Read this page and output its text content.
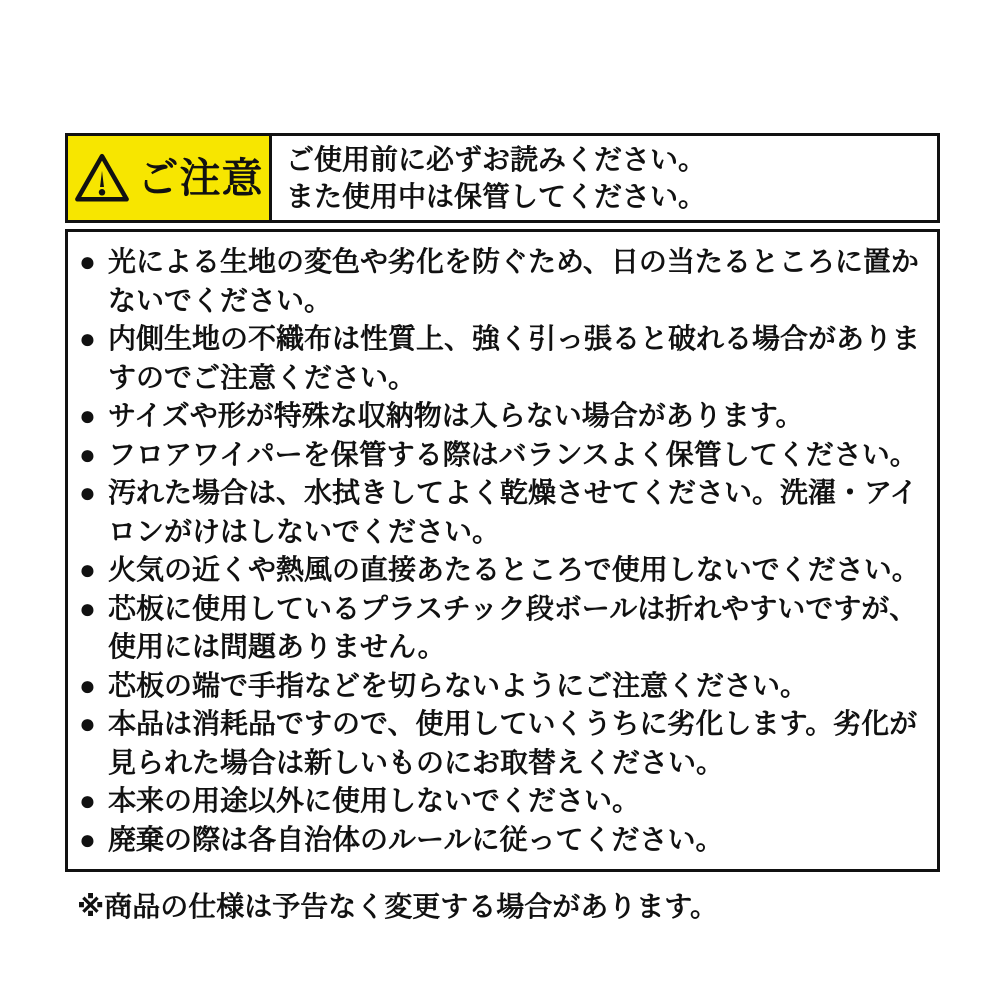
ご注意 ご使用前に必ずお読みください。
また使用中は保管してください。
● 光による生地の変色や劣化を防ぐため、日の当たるところに置かないでください。
● 内側生地の不織布は性質上、強く引っ張ると破れる場合がありますのでご注意ください。
● サイズや形が特殊な収納物は入らない場合があります。
● フロアワイパーを保管する際はバランスよく保管してください。
● 汚れた場合は、水拭きしてよく乾燥させてください。洗濯・アイロンがけはしないでください。
● 火気の近くや熱風の直接あたるところで使用しないでください。
● 芯板に使用しているプラスチック段ボールは折れやすいですが、使用には問題ありません。
● 芯板の端で手指などを切らないようにご注意ください。
● 本品は消耗品ですので、使用していくうちに劣化します。劣化が見られた場合は新しいものにお取替えください。
● 本来の用途以外に使用しないでください。
● 廃棄の際は各自治体のルールに従ってください。
※商品の仕様は予告なく変更する場合があります。
